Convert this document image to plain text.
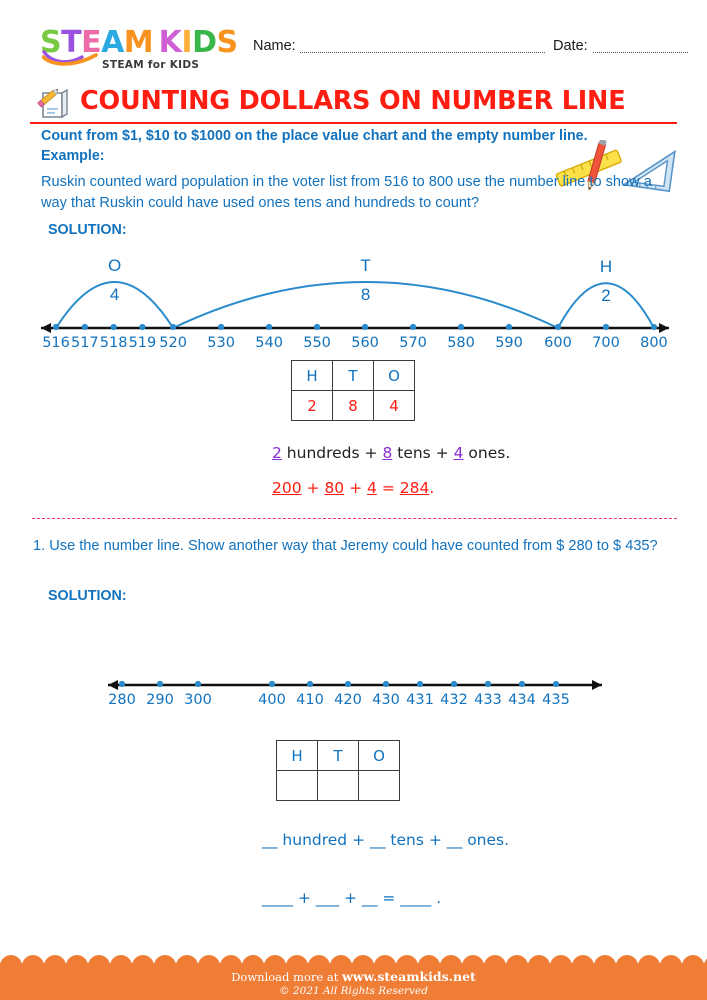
STEAM  KIDS
STEAM for KIDS
Name:	Date:
COUNTING DOLLARS ON NUMBER LINE
Count from $1, $10 to $1000 on the place value chart and the empty number line.
Example:
Ruskin counted ward population in the voter list from 516 to 800 use the number line to show a way that Ruskin could have used ones tens and hundreds to count?
SOLUTION:
516 517 518 519 520 530 540 550 560 570 580 590 600 700 800
O
4
T
8
H
2
H	T	O
2	8	4
2 hundreds + 8 tens + 4 ones.
200 + 80 + 4 = 284.
1. Use the number line. Show another way that Jeremy could have counted from $ 280 to $ 435?
SOLUTION:
280 290 300	400 410 420 430 431 432 433 434 435
H	T	O

__ hundred + __ tens + __ ones.
____ + ___ + __ = ____ .
Download more at www.steamkids.net
© 2021 All Rights Reserved
